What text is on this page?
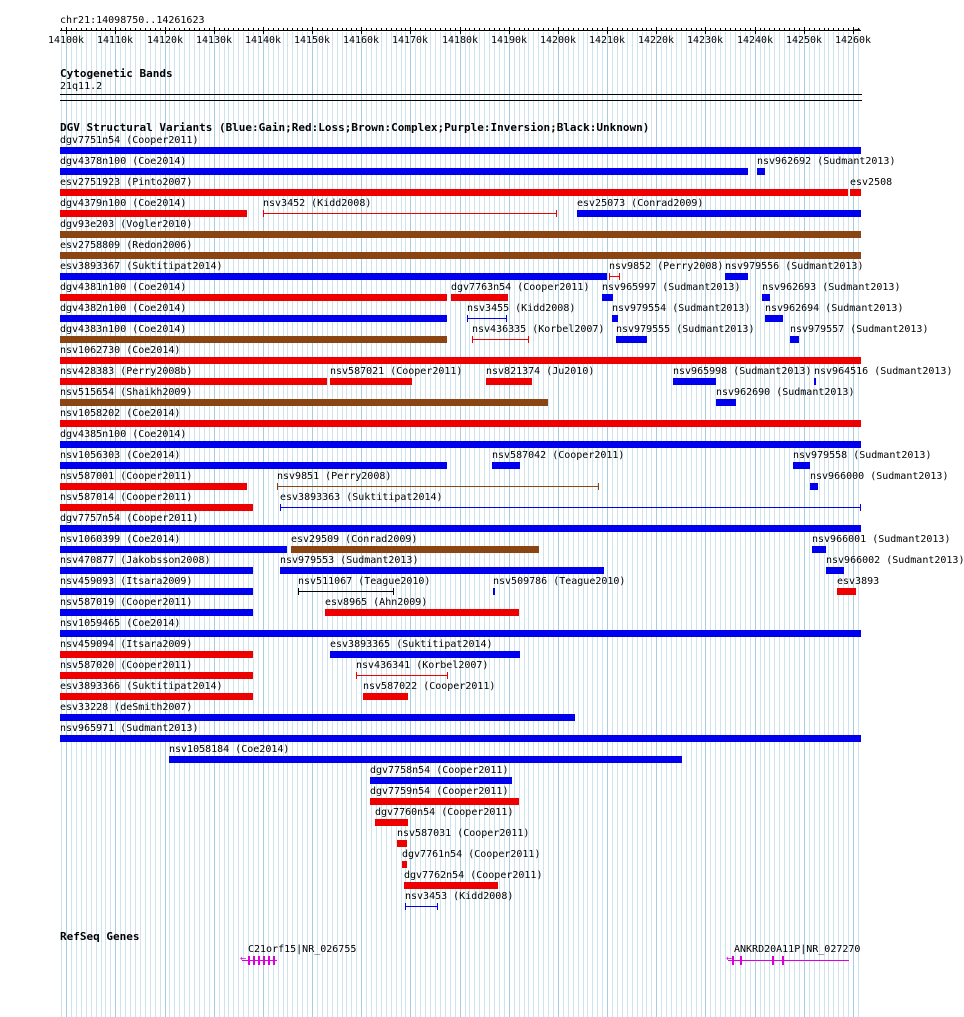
chr21:14098750..14261623
→
14100k 14110k 14120k 14130k 14140k 14150k 14160k 14170k 14180k 14190k 14200k 14210k 14220k 14230k 14240k 14250k 14260k
Cytogenetic Bands
21q11.2
DGV Structural Variants (Blue:Gain;Red:Loss;Brown:Complex;Purple:Inversion;Black:Unknown)
dgv7751n54 (Cooper2011)
dgv4378n100 (Coe2014)	nsv962692 (Sudmant2013)
esv2751923 (Pinto2007)	esv2508
dgv4379n100 (Coe2014)	nsv3452 (Kidd2008)	esv25073 (Conrad2009)
dgv93e203 (Vogler2010)
esv2758809 (Redon2006)
esv3893367 (Suktitipat2014)	nsv9852 (Perry2008) nsv979556 (Sudmant2013)
dgv4381n100 (Coe2014)	dgv7763n54 (Cooper2011) nsv965997 (Sudmant2013) nsv962693 (Sudmant2013)
dgv4382n100 (Coe2014)	nsv3455 (Kidd2008)	nsv979554 (Sudmant2013) nsv962694 (Sudmant2013)
dgv4383n100 (Coe2014)	nsv436335 (Korbel2007) nsv979555 (Sudmant2013)	nsv979557 (Sudmant2013)
nsv1062730 (Coe2014)
nsv428383 (Perry2008b)	nsv587021 (Cooper2011) nsv821374 (Ju2010)	nsv965998 (Sudmant2013) nsv964516 (Sudmant2013)
nsv515654 (Shaikh2009)	nsv962690 (Sudmant2013)
nsv1058202 (Coe2014)
dgv4385n100 (Coe2014)
nsv1056303 (Coe2014)	nsv587042 (Cooper2011)	nsv979558 (Sudmant2013)
nsv587001 (Cooper2011)	nsv9851 (Perry2008)	nsv966000 (Sudmant2013)
nsv587014 (Cooper2011)	esv3893363 (Suktitipat2014)
dgv7757n54 (Cooper2011)
nsv1060399 (Coe2014)	esv29509 (Conrad2009)	nsv966001 (Sudmant2013)
nsv470877 (Jakobsson2008)	nsv979553 (Sudmant2013)	nsv966002 (Sudmant2013)
nsv459093 (Itsara2009)	nsv511067 (Teague2010)	nsv509786 (Teague2010)	esv3893
nsv587019 (Cooper2011)	esv8965 (Ahn2009)
nsv1059465 (Coe2014)
nsv459094 (Itsara2009)	esv3893365 (Suktitipat2014)
nsv587020 (Cooper2011)	nsv436341 (Korbel2007)
esv3893366 (Suktitipat2014)	nsv587022 (Cooper2011)
esv33228 (deSmith2007)
nsv965971 (Sudmant2013)
nsv1058184 (Coe2014)
dgv7758n54 (Cooper2011)
dgv7759n54 (Cooper2011)
dgv7760n54 (Cooper2011)
nsv587031 (Cooper2011)
dgv7761n54 (Cooper2011)
dgv7762n54 (Cooper2011)
nsv3453 (Kidd2008)
RefSeq Genes
C21orf15|NR_026755
←
ANKRD20A11P|NR_027270
←
